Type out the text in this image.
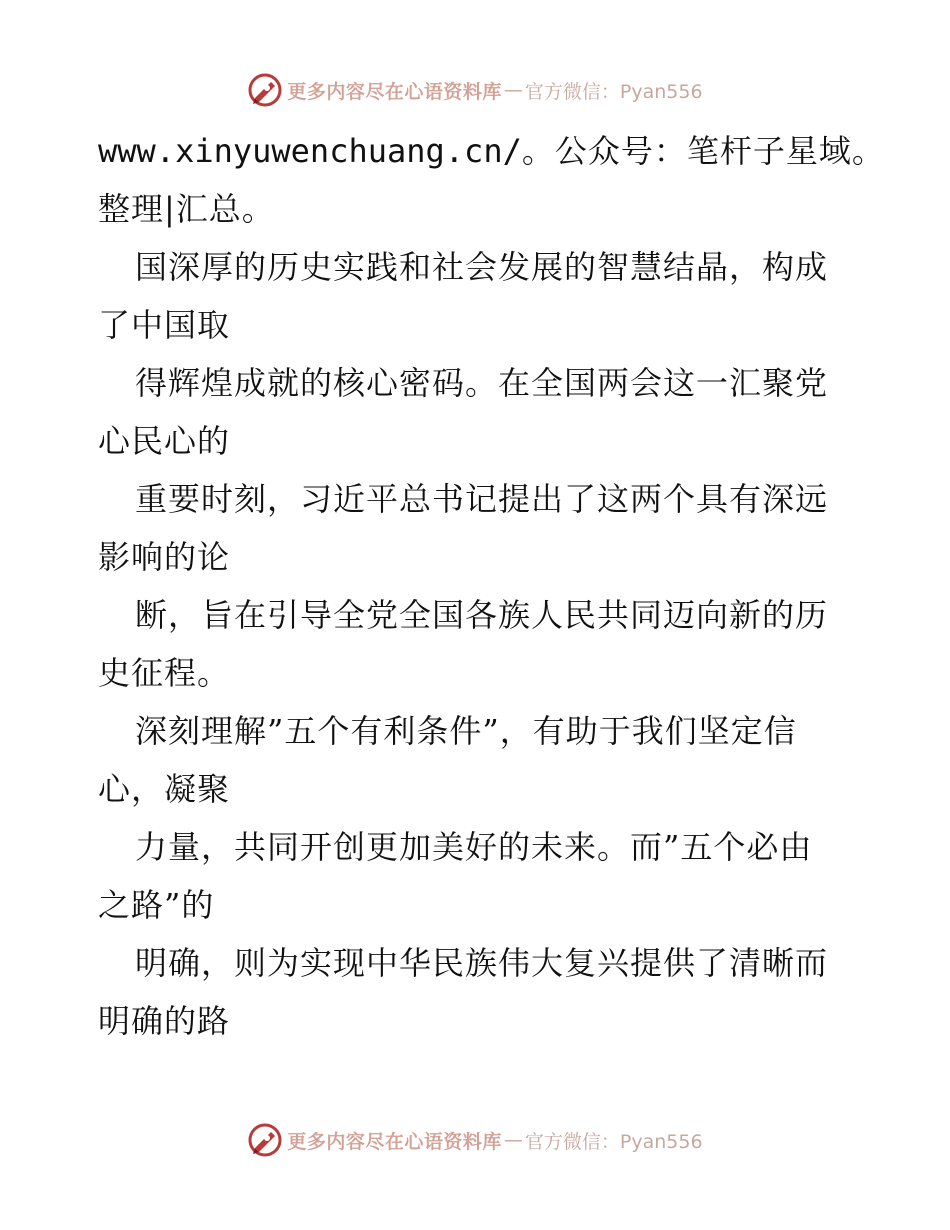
更多内容尽在心语资料库 — 官方微信：Pyan556
www.xinyuwenchuang.cn/。公众号：笔杆子星域。
整理|汇总。
国深厚的历史实践和社会发展的智慧结晶，构成
了中国取
得辉煌成就的核心密码。在全国两会这一汇聚党
心民心的
重要时刻，习近平总书记提出了这两个具有深远
影响的论
断，旨在引导全党全国各族人民共同迈向新的历
史征程。
深刻理解”五个有利条件”，有助于我们坚定信
心，凝聚
力量，共同开创更加美好的未来。而”五个必由
之路”的
明确，则为实现中华民族伟大复兴提供了清晰而
明确的路
更多内容尽在心语资料库 — 官方微信：Pyan556
